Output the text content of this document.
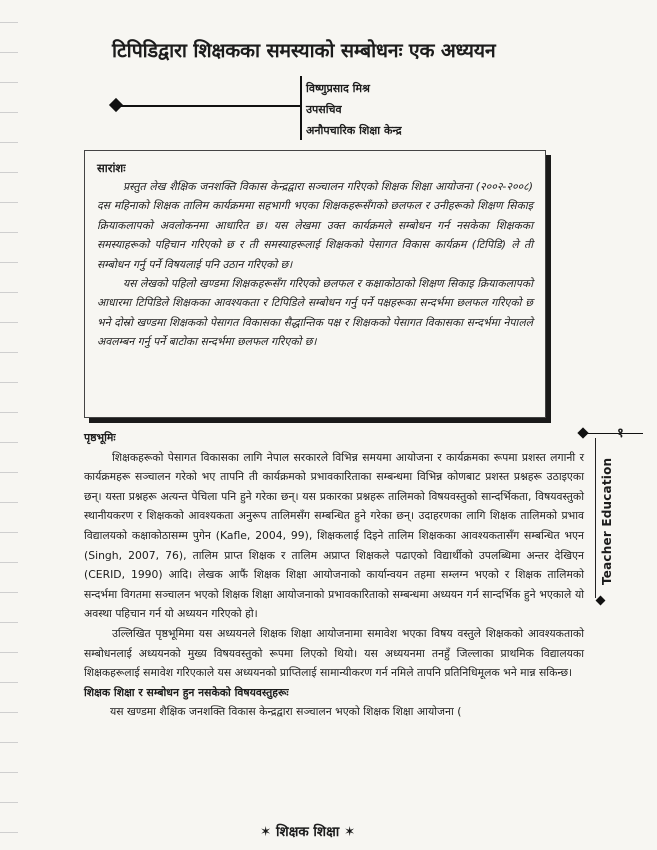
टिपिडिद्वारा शिक्षकका समस्याको सम्बोधनः एक अध्ययन
विष्णुप्रसाद मिश्र
उपसचिव
अनौपचारिक शिक्षा केन्द्र
सारांशः

प्रस्तुत लेख शैक्षिक जनशक्ति विकास केन्द्रद्वारा सञ्चालन गरिएको शिक्षक शिक्षा आयोजना (२००२-२००८) दस महिनाको शिक्षक तालिम कार्यक्रममा सहभागी भएका शिक्षकहरूसँगको छलफल र उनीहरूको शिक्षण सिकाइ क्रियाकलापको अवलोकनमा आधारित छ। यस लेखमा उक्त कार्यक्रमले सम्बोधन गर्न नसकेका शिक्षकका समस्याहरूको पहिचान गरिएको छ र ती समस्याहरूलाई शिक्षकको पेसागत विकास कार्यक्रम (टिपिडि) ले ती सम्बोधन गर्नु पर्ने विषयलाई पनि उठान गरिएको छ।

यस लेखको पहिलो खण्डमा शिक्षकहरूसँग गरिएको छलफल र कक्षाकोठाको शिक्षण सिकाइ क्रियाकलापको आधारमा टिपिडिले शिक्षकका आवश्यकता र टिपिडिले सम्बोधन गर्नु पर्ने पक्षहरूका सन्दर्भमा छलफल गरिएको छ भने दोस्रो खण्डमा शिक्षकको पेसागत विकासका सैद्धान्तिक पक्ष र शिक्षकको पेसागत विकासका सन्दर्भमा नेपालले अवलम्बन गर्नु पर्ने बाटोका सन्दर्भमा छलफल गरिएको छ।

१
Teacher Education
पृष्ठभूमिः

शिक्षकहरूको पेसागत विकासका लागि नेपाल सरकारले विभिन्न समयमा आयोजना र कार्यक्रमका रूपमा प्रशस्त लगानी र कार्यक्रमहरू सञ्चालन गरेको भए तापनि ती कार्यक्रमको प्रभावकारिताका सम्बन्धमा विभिन्न कोणबाट प्रशस्त प्रश्नहरू उठाइएका छन्। यस्ता प्रश्नहरू अत्यन्त पेचिला पनि हुने गरेका छन्। यस प्रकारका प्रश्नहरू तालिमको विषयवस्तुको सान्दर्भिकता, विषयवस्तुको स्थानीयकरण र शिक्षकको आवश्यकता अनुरूप तालिमसँग सम्बन्धित हुने गरेका छन्। उदाहरणका लागि शिक्षक तालिमको प्रभाव विद्यालयको कक्षाकोठासम्म पुगेन (Kafle, 2004, 99), शिक्षकलाई दिइने तालिम शिक्षकका आवश्यकतासँग सम्बन्धित भएन (Singh, 2007, 76), तालिम प्राप्त शिक्षक र तालिम अप्राप्त शिक्षकले पढाएको विद्यार्थीको उपलब्धिमा अन्तर देखिएन (CERID, 1990) आदि। लेखक आफैं शिक्षक शिक्षा आयोजनाको कार्यान्वयन तहमा सम्लग्न भएको र शिक्षक तालिमको सन्दर्भमा विगतमा सञ्चालन भएको शिक्षक शिक्षा आयोजनाको प्रभावकारिताको सम्बन्धमा अध्ययन गर्न सान्दर्भिक हुने भएकाले यो अवस्था पहिचान गर्न यो अध्ययन गरिएको हो।

उल्लिखित पृष्ठभूमिमा यस अध्ययनले शिक्षक शिक्षा आयोजनामा समावेश भएका विषय वस्तुले शिक्षकको आवश्यकताको सम्बोधनलाई अध्ययनको मुख्य विषयवस्तुको रूपमा लिएको थियो। यस अध्ययनमा तनहुँ जिल्लाका प्राथमिक विद्यालयका शिक्षकहरूलाई समावेश गरिएकाले यस अध्ययनको प्राप्तिलाई सामान्यीकरण गर्न नमिले तापनि प्रतिनिधिमूलक भने मान्न सकिन्छ।

शिक्षक शिक्षा र सम्बोधन हुन नसकेको विषयवस्तुहरूः

यस खण्डमा शैक्षिक जनशक्ति विकास केन्द्रद्वारा सञ्चालन भएको शिक्षक शिक्षा आयोजना (

✶ शिक्षक शिक्षा ✶
